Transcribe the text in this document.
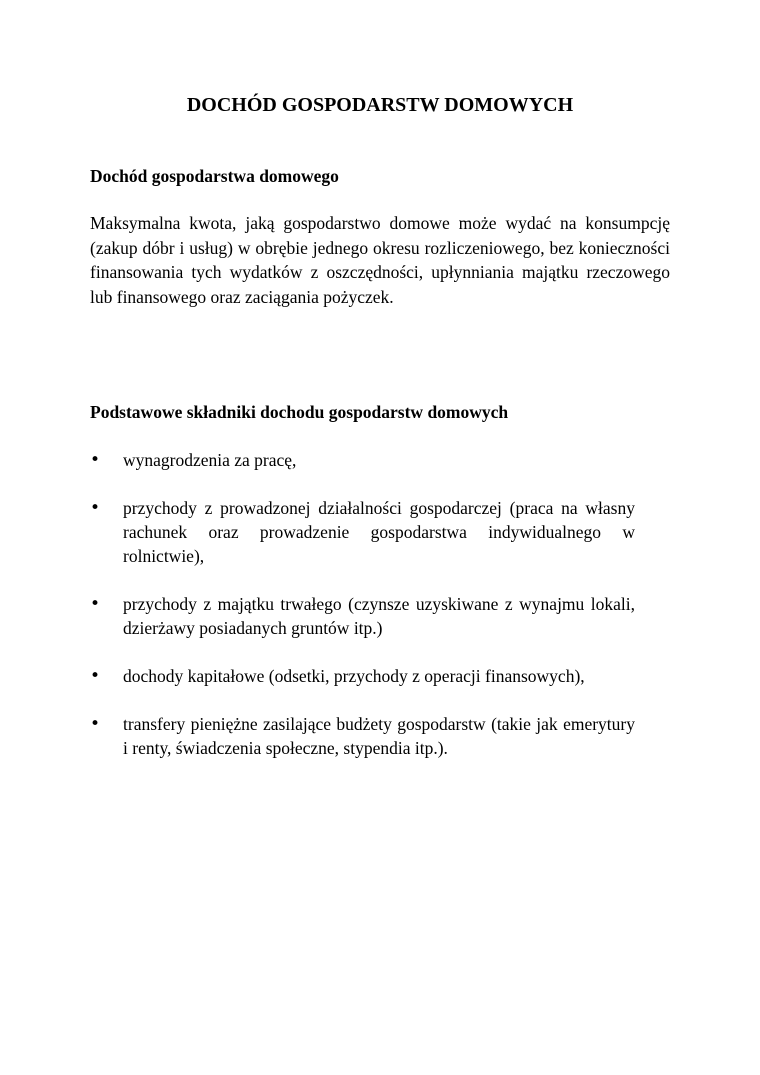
DOCHÓD GOSPODARSTW DOMOWYCH
Dochód gospodarstwa domowego

Maksymalna kwota, jaką gospodarstwo domowe może wydać na konsumpcję (zakup dóbr i usług) w obrębie jednego okresu rozliczeniowego, bez konieczności finansowania tych wydatków z oszczędności, upłynniania majątku rzeczowego lub finansowego oraz zaciągania pożyczek.

Podstawowe składniki dochodu gospodarstw domowych
• wynagrodzenia za pracę,
• przychody z prowadzonej działalności gospodarczej (praca na własny rachunek oraz prowadzenie gospodarstwa indywidualnego w rolnictwie),
• przychody z majątku trwałego (czynsze uzyskiwane z wynajmu lokali, dzierżawy posiadanych gruntów itp.)
• dochody kapitałowe (odsetki, przychody z operacji finansowych),
• transfery pieniężne zasilające budżety gospodarstw (takie jak emerytury i renty, świadczenia społeczne, stypendia itp.).
